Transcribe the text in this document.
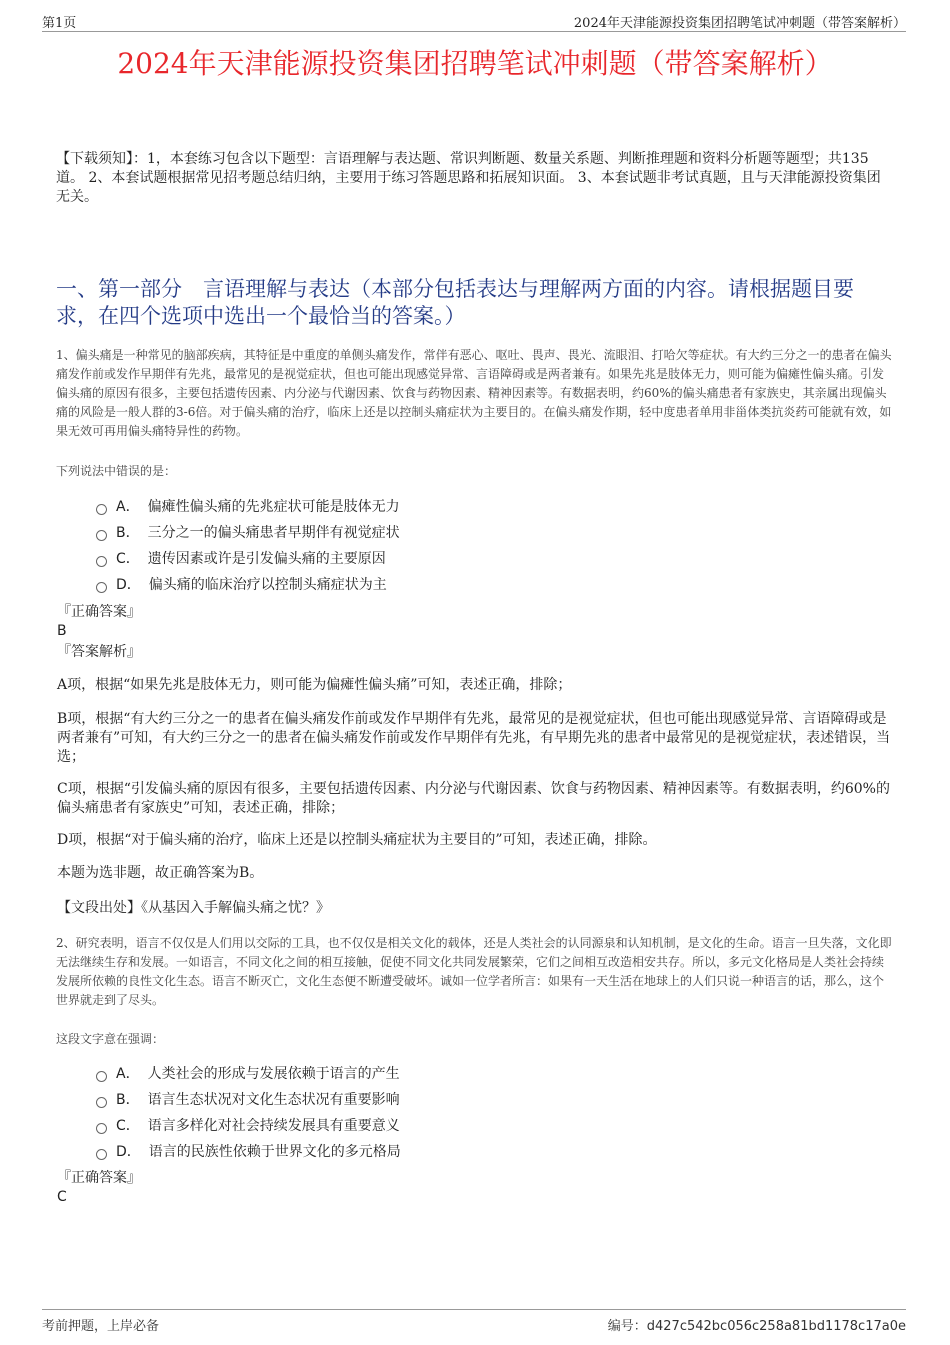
第1页	2024年天津能源投资集团招聘笔试冲刺题（带答案解析）
2024年天津能源投资集团招聘笔试冲刺题（带答案解析）
【下载须知】：1，本套练习包含以下题型：言语理解与表达题、常识判断题、数量关系题、判断推理题和资料分析题等题型；共135道。 2、本套试题根据常见招考题总结归纳，主要用于练习答题思路和拓展知识面。 3、本套试题非考试真题，且与天津能源投资集团无关。
一、第一部分　言语理解与表达（本部分包括表达与理解两方面的内容。请根据题目要求，在四个选项中选出一个最恰当的答案。）
1、偏头痛是一种常见的脑部疾病，其特征是中重度的单侧头痛发作，常伴有恶心、呕吐、畏声、畏光、流眼泪、打哈欠等症状。有大约三分之一的患者在偏头痛发作前或发作早期伴有先兆，最常见的是视觉症状，但也可能出现感觉异常、言语障碍或是两者兼有。如果先兆是肢体无力，则可能为偏瘫性偏头痛。引发偏头痛的原因有很多，主要包括遗传因素、内分泌与代谢因素、饮食与药物因素、精神因素等。有数据表明，约60%的偏头痛患者有家族史，其亲属出现偏头痛的风险是一般人群的3-6倍。对于偏头痛的治疗，临床上还是以控制头痛症状为主要目的。在偏头痛发作期，轻中度患者单用非甾体类抗炎药可能就有效，如果无效可再用偏头痛特异性的药物。
下列说法中错误的是：
A． 偏瘫性偏头痛的先兆症状可能是肢体无力
B． 三分之一的偏头痛患者早期伴有视觉症状
C． 遗传因素或许是引发偏头痛的主要原因
D． 偏头痛的临床治疗以控制头痛症状为主
『正确答案』
B
『答案解析』
A项，根据“如果先兆是肢体无力，则可能为偏瘫性偏头痛”可知，表述正确，排除；
B项，根据“有大约三分之一的患者在偏头痛发作前或发作早期伴有先兆，最常见的是视觉症状，但也可能出现感觉异常、言语障碍或是两者兼有”可知，有大约三分之一的患者在偏头痛发作前或发作早期伴有先兆，有早期先兆的患者中最常见的是视觉症状，表述错误，当选；
C项，根据“引发偏头痛的原因有很多，主要包括遗传因素、内分泌与代谢因素、饮食与药物因素、精神因素等。有数据表明，约60%的偏头痛患者有家族史”可知，表述正确，排除；
D项，根据“对于偏头痛的治疗，临床上还是以控制头痛症状为主要目的”可知，表述正确，排除。
本题为选非题，故正确答案为B。
【文段出处】《从基因入手解偏头痛之忧？》
2、研究表明，语言不仅仅是人们用以交际的工具，也不仅仅是相关文化的载体，还是人类社会的认同源泉和认知机制，是文化的生命。语言一旦失落，文化即无法继续生存和发展。一如语言，不同文化之间的相互接触，促使不同文化共同发展繁荣，它们之间相互改造相安共存。所以，多元文化格局是人类社会持续发展所依赖的良性文化生态。语言不断灭亡，文化生态便不断遭受破坏。诚如一位学者所言：如果有一天生活在地球上的人们只说一种语言的话，那么，这个世界就走到了尽头。
这段文字意在强调：
A． 人类社会的形成与发展依赖于语言的产生
B． 语言生态状况对文化生态状况有重要影响
C． 语言多样化对社会持续发展具有重要意义
D． 语言的民族性依赖于世界文化的多元格局
『正确答案』
C
考前押题，上岸必备	编号：d427c542bc056c258a81bd1178c17a0e
